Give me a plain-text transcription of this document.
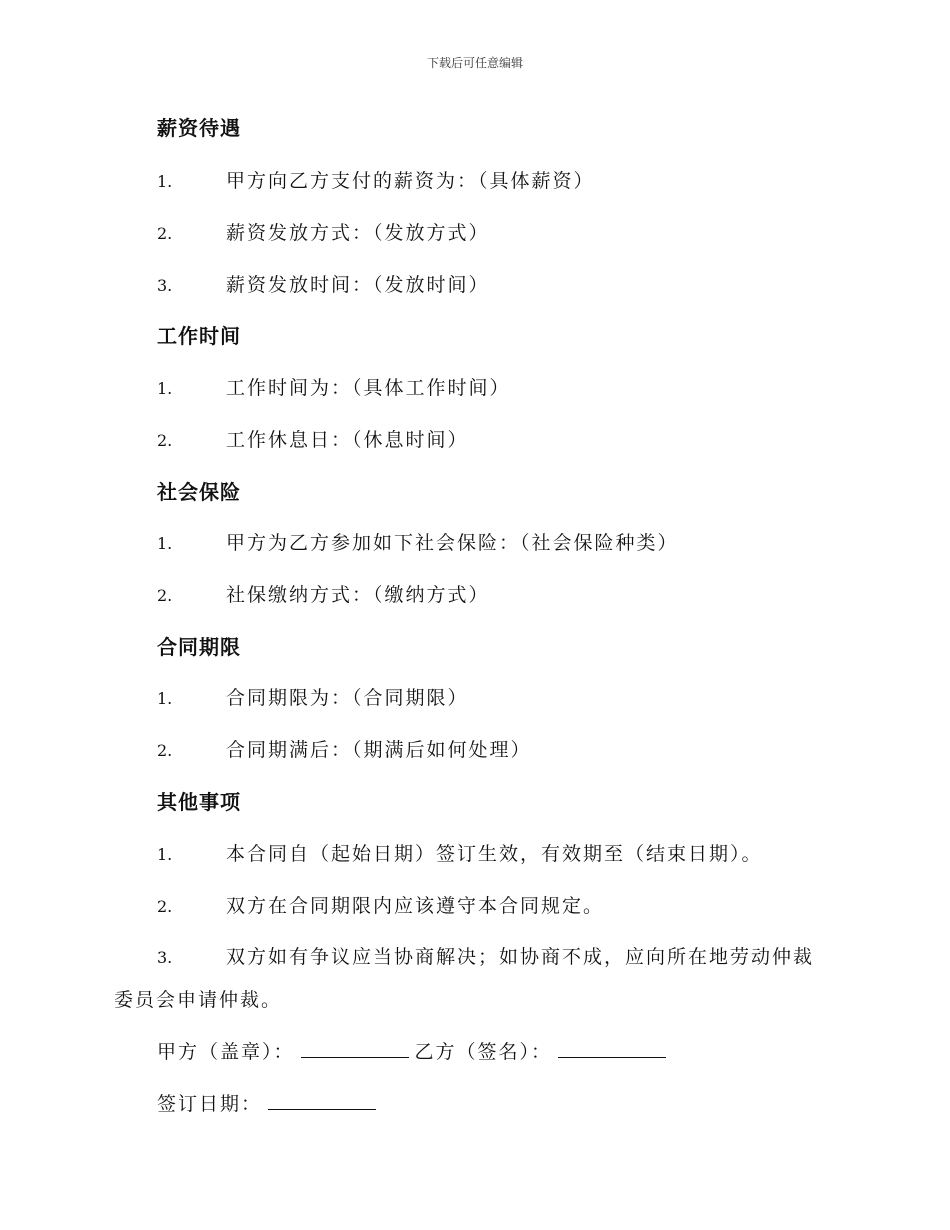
下载后可任意编辑
薪资待遇
1.	甲方向乙方支付的薪资为：（具体薪资）
2.	薪资发放方式：（发放方式）
3.	薪资发放时间：（发放时间）
工作时间
1.	工作时间为：（具体工作时间）
2.	工作休息日：（休息时间）
社会保险
1.	甲方为乙方参加如下社会保险：（社会保险种类）
2.	社保缴纳方式：（缴纳方式）
合同期限
1.	合同期限为：（合同期限）
2.	合同期满后：（期满后如何处理）
其他事项
1.	本合同自（起始日期）签订生效，有效期至（结束日期）。
2.	双方在合同期限内应该遵守本合同规定。
3.	双方如有争议应当协商解决；如协商不成，应向所在地劳动仲裁
委员会申请仲裁。
甲方（盖章）：	乙方（签名）：
签订日期：
